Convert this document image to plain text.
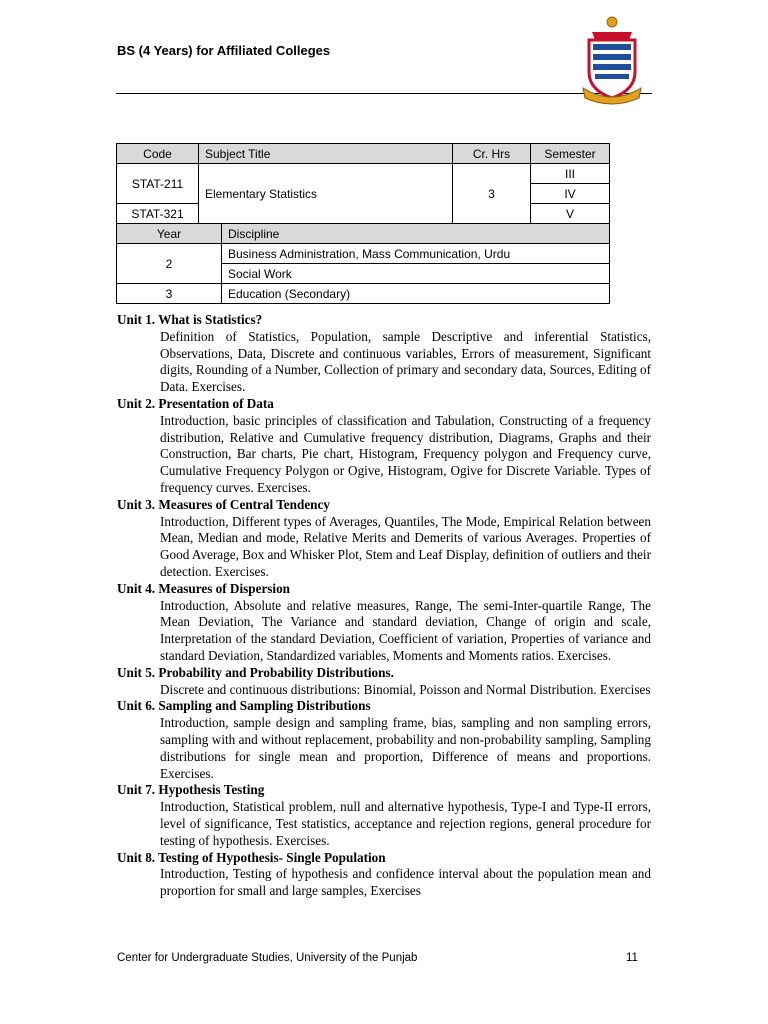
BS (4 Years) for Affiliated Colleges
Code	Subject Title		Cr. Hrs	Semester
STAT-211	Elementary Statistics		3	III
				IV
STAT-321				V
Year		Discipline		
2		Business Administration, Mass Communication, Urdu		
		Social Work		
3		Education (Secondary)		
Unit 1. What is Statistics?
Definition of Statistics, Population, sample Descriptive and inferential Statistics, Observations, Data, Discrete and continuous variables, Errors of measurement, Significant digits, Rounding of a Number, Collection of primary and secondary data, Sources, Editing of Data. Exercises.
Unit 2. Presentation of Data
Introduction, basic principles of classification and Tabulation, Constructing of a frequency distribution, Relative and Cumulative frequency distribution, Diagrams, Graphs and their Construction, Bar charts, Pie chart, Histogram, Frequency polygon and Frequency curve, Cumulative Frequency Polygon or Ogive, Histogram, Ogive for Discrete Variable. Types of frequency curves. Exercises.
Unit 3. Measures of Central Tendency
Introduction, Different types of Averages, Quantiles, The Mode, Empirical Relation between Mean, Median and mode, Relative Merits and Demerits of various Averages. Properties of Good Average, Box and Whisker Plot, Stem and Leaf Display, definition of outliers and their detection. Exercises.
Unit 4. Measures of Dispersion
Introduction, Absolute and relative measures, Range, The semi-Inter-quartile Range, The Mean Deviation, The Variance and standard deviation, Change of origin and scale, Interpretation of the standard Deviation, Coefficient of variation, Properties of variance and standard Deviation, Standardized variables, Moments and Moments ratios. Exercises.
Unit 5. Probability and Probability Distributions.
Discrete and continuous distributions: Binomial, Poisson and Normal Distribution. Exercises
Unit 6. Sampling and Sampling Distributions
Introduction, sample design and sampling frame, bias, sampling and non sampling errors, sampling with and without replacement, probability and non-probability sampling, Sampling distributions for single mean and proportion, Difference of means and proportions. Exercises.
Unit 7. Hypothesis Testing
Introduction, Statistical problem, null and alternative hypothesis, Type-I and Type-II errors, level of significance, Test statistics, acceptance and rejection regions, general procedure for testing of hypothesis. Exercises.
Unit 8. Testing of Hypothesis- Single Population
Introduction, Testing of hypothesis and confidence interval about the population mean and proportion for small and large samples, Exercises
Center for Undergraduate Studies, University of the Punjab	11
